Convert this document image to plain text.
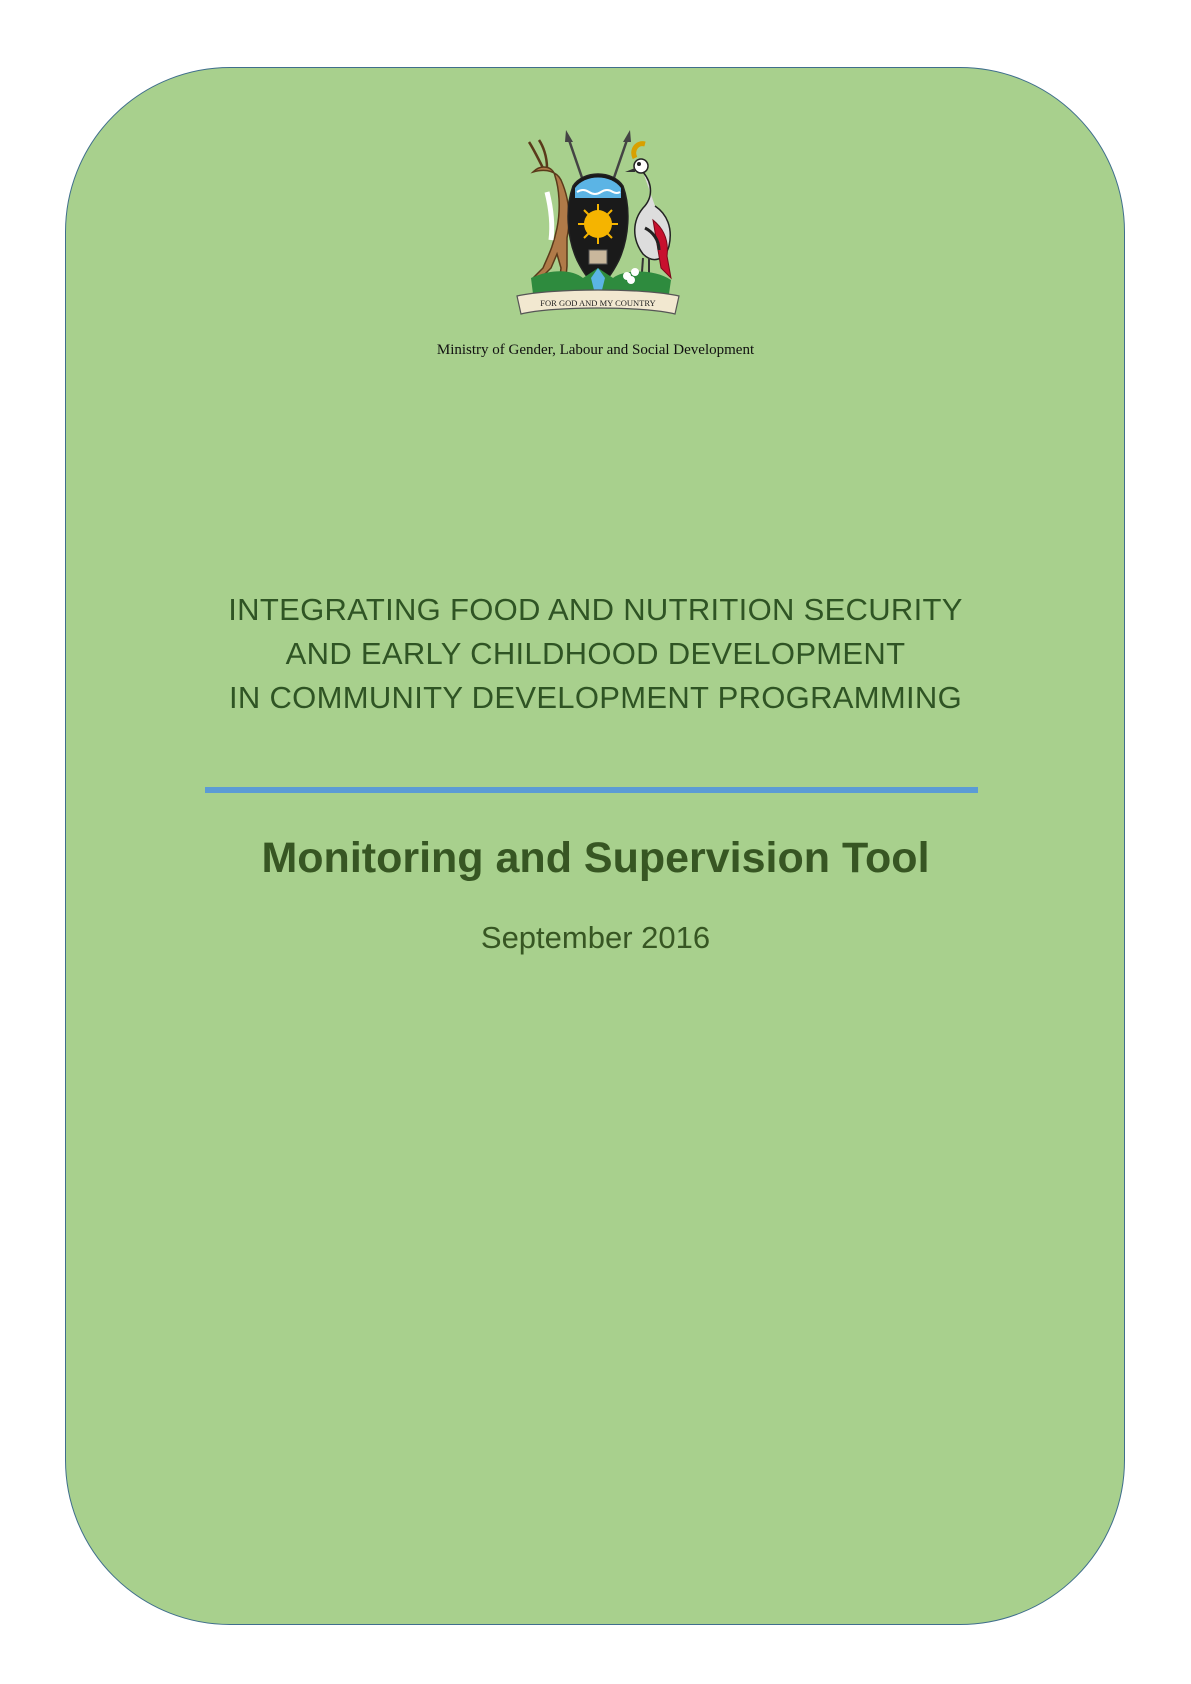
FOR GOD AND MY COUNTRY
Ministry of Gender, Labour and Social Development
INTEGRATING FOOD AND NUTRITION SECURITY
AND EARLY CHILDHOOD DEVELOPMENT
IN COMMUNITY DEVELOPMENT PROGRAMMING
Monitoring and Supervision Tool
September 2016
